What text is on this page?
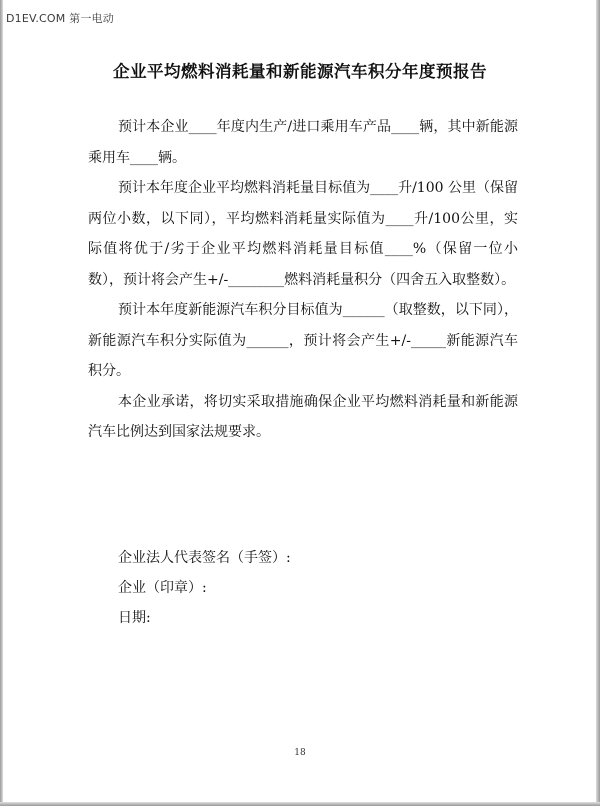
D1EV.COM 第一电动
企业平均燃料消耗量和新能源汽车积分年度预报告

预计本企业____年度内生产/进口乘用车产品____辆，其中新能源乘用车____辆。

预计本年度企业平均燃料消耗量目标值为____升/100 公里（保留两位小数，以下同），平均燃料消耗量实际值为____升/100公里，实际值将优于/劣于企业平均燃料消耗量目标值____%（保留一位小数），预计将会产生+/-________燃料消耗量积分（四舍五入取整数）。

预计本年度新能源汽车积分目标值为______（取整数，以下同），新能源汽车积分实际值为______，预计将会产生+/-_____新能源汽车积分。

本企业承诺，将切实采取措施确保企业平均燃料消耗量和新能源汽车比例达到国家法规要求。

企业法人代表签名（手签）:
企业（印章）:
日期:
18
